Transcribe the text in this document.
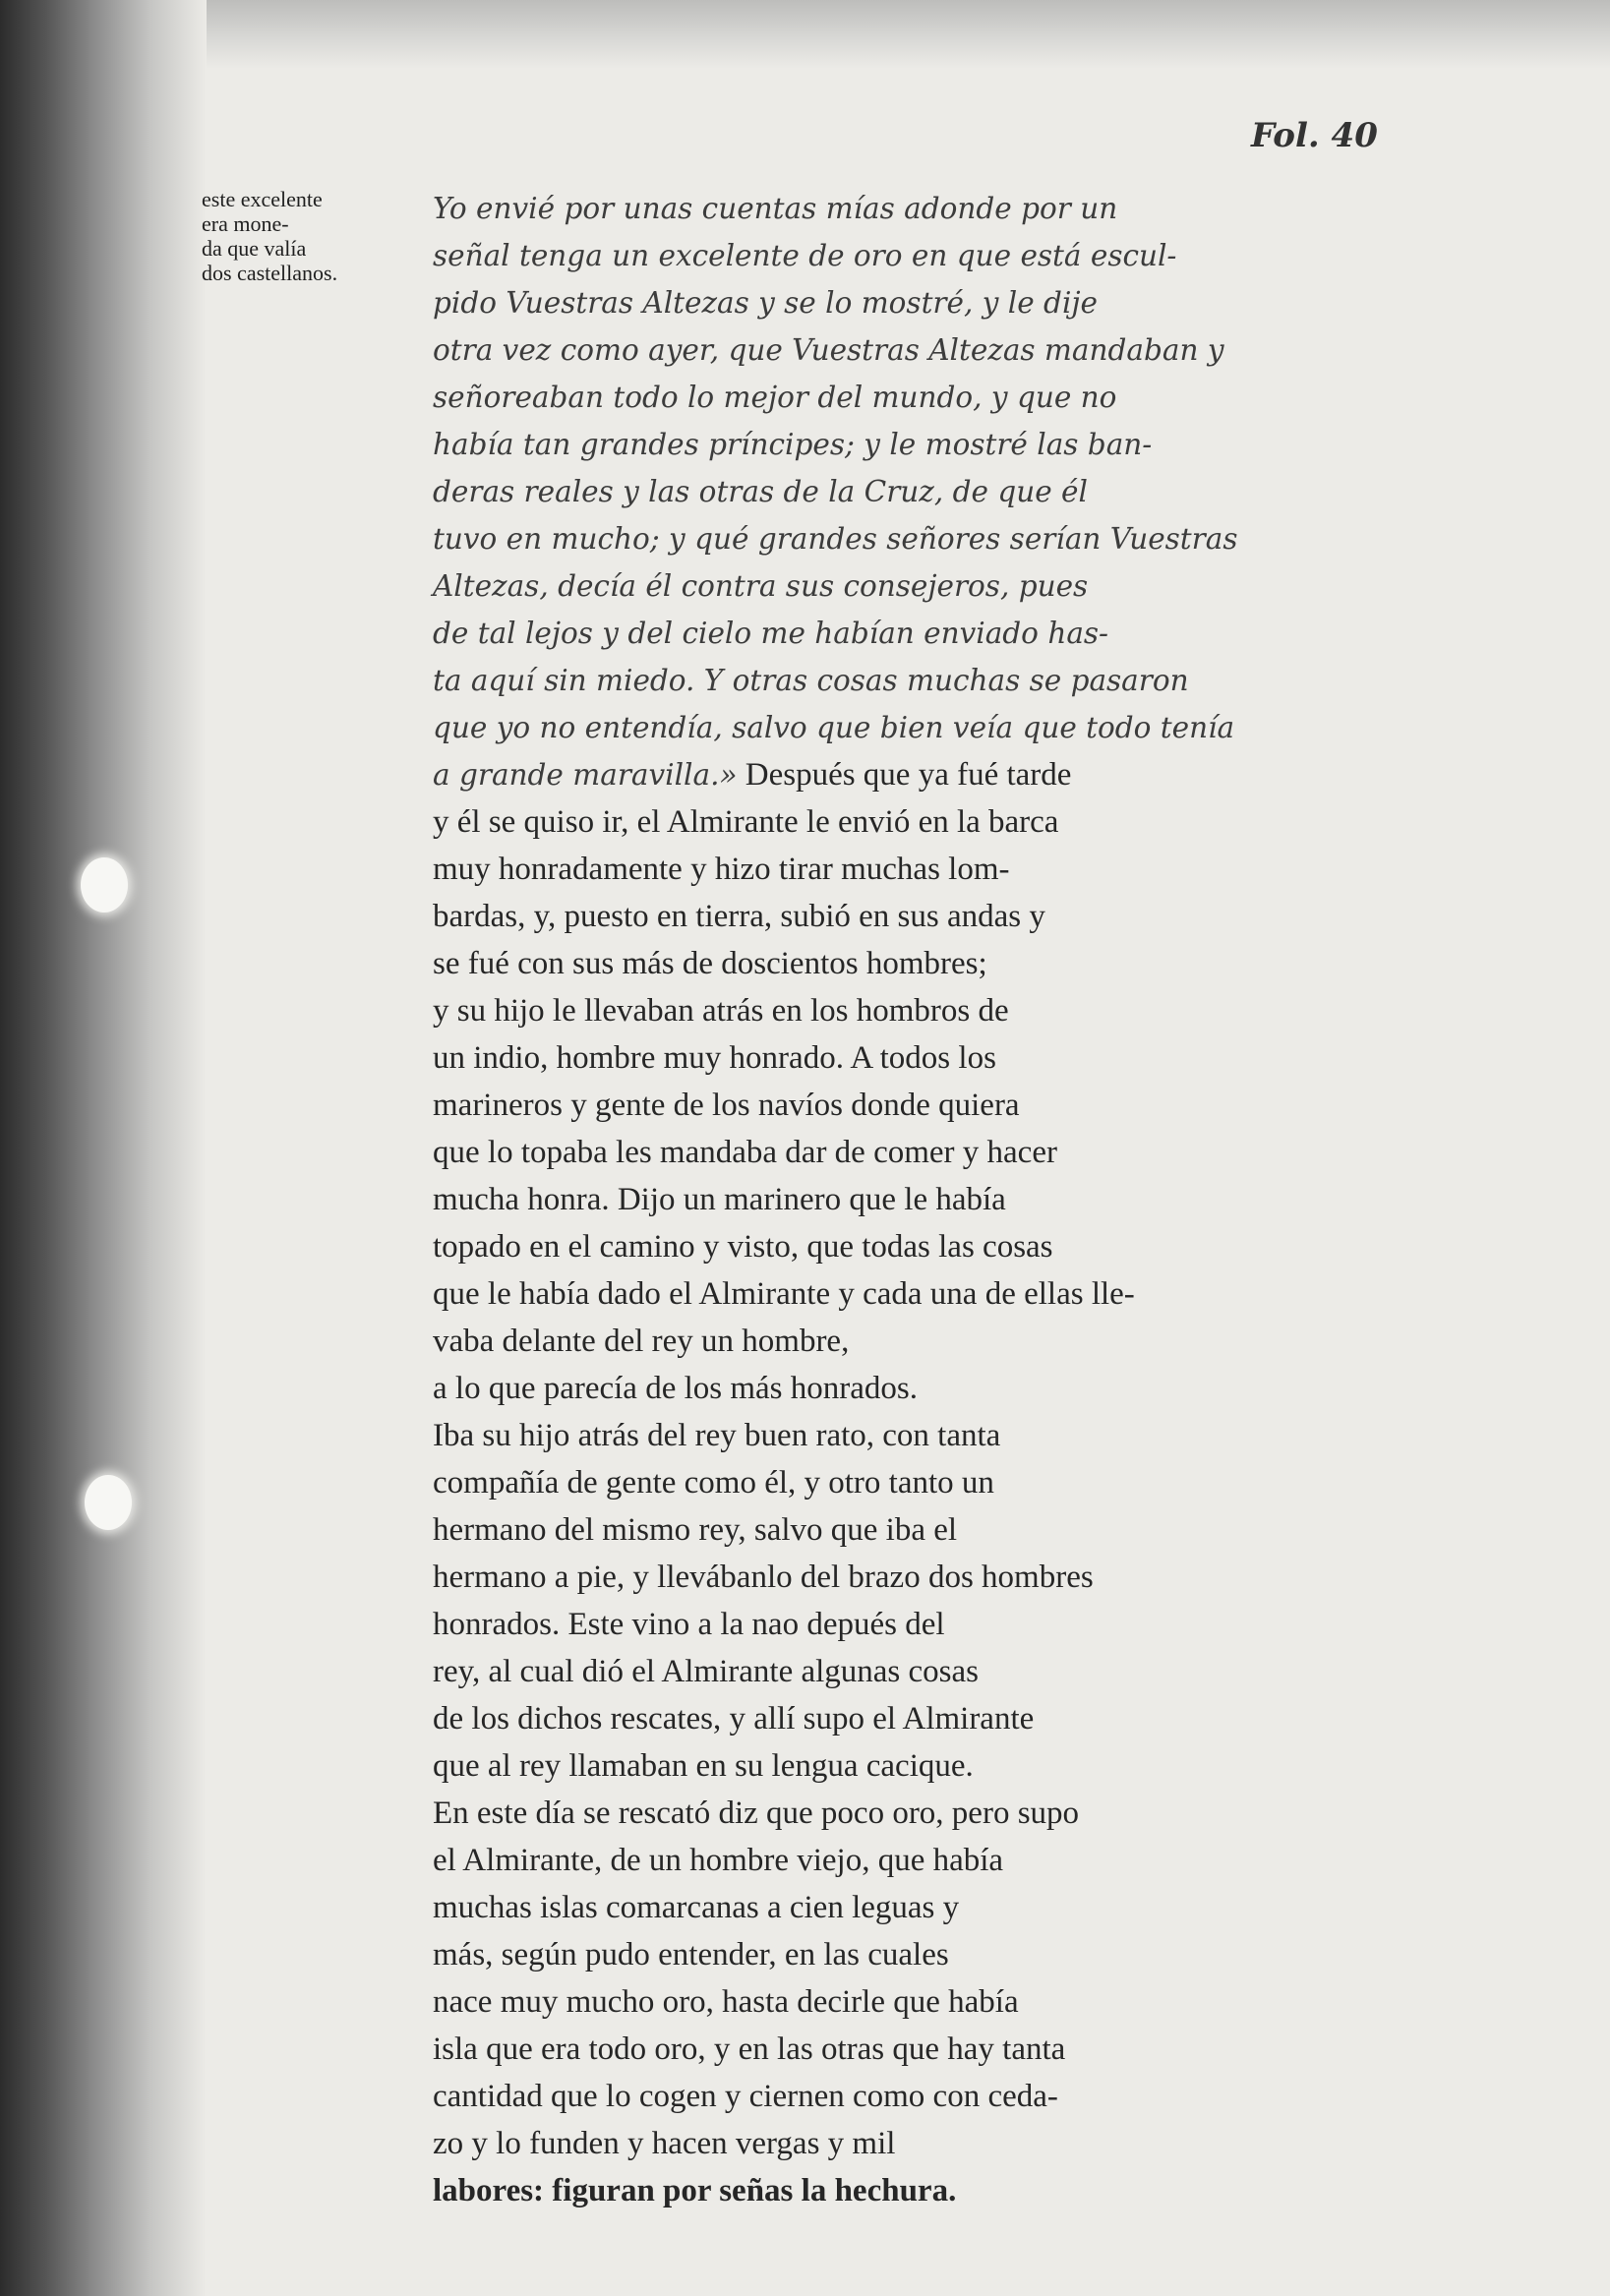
Fol. 40
este excelente
era mone-
da que valía
dos castellanos.
Yo envié por unas cuentas mías adonde por un
señal tenga un excelente de oro en que está escul-
pido Vuestras Altezas y se lo mostré, y le dije
otra vez como ayer, que Vuestras Altezas mandaban y
señoreaban todo lo mejor del mundo, y que no
había tan grandes príncipes; y le mostré las ban-
deras reales y las otras de la Cruz, de que él
tuvo en mucho; y qué grandes señores serían Vuestras
Altezas, decía él contra sus consejeros, pues
de tal lejos y del cielo me habían enviado has-
ta aquí sin miedo. Y otras cosas muchas se pasaron
que yo no entendía, salvo que bien veía que todo tenía
a grande maravilla.» Después que ya fué tarde
y él se quiso ir, el Almirante le envió en la barca
muy honradamente y hizo tirar muchas lom-
bardas, y, puesto en tierra, subió en sus andas y
se fué con sus más de doscientos hombres;
y su hijo le llevaban atrás en los hombros de
un indio, hombre muy honrado. A todos los
marineros y gente de los navíos donde quiera
que lo topaba les mandaba dar de comer y hacer
mucha honra. Dijo un marinero que le había
topado en el camino y visto, que todas las cosas
que le había dado el Almirante y cada una de ellas lle-
vaba delante del rey un hombre,
a lo que parecía de los más honrados.
Iba su hijo atrás del rey buen rato, con tanta
compañía de gente como él, y otro tanto un
hermano del mismo rey, salvo que iba el
hermano a pie, y llevábanlo del brazo dos hombres
honrados. Este vino a la nao depués del
rey, al cual dió el Almirante algunas cosas
de los dichos rescates, y allí supo el Almirante
que al rey llamaban en su lengua cacique.
En este día se rescató diz que poco oro, pero supo
el Almirante, de un hombre viejo, que había
muchas islas comarcanas a cien leguas y
más, según pudo entender, en las cuales
nace muy mucho oro, hasta decirle que había
isla que era todo oro, y en las otras que hay tanta
cantidad que lo cogen y ciernen como con ceda-
zo y lo funden y hacen vergas y mil
labores: figuran por señas la hechura.
